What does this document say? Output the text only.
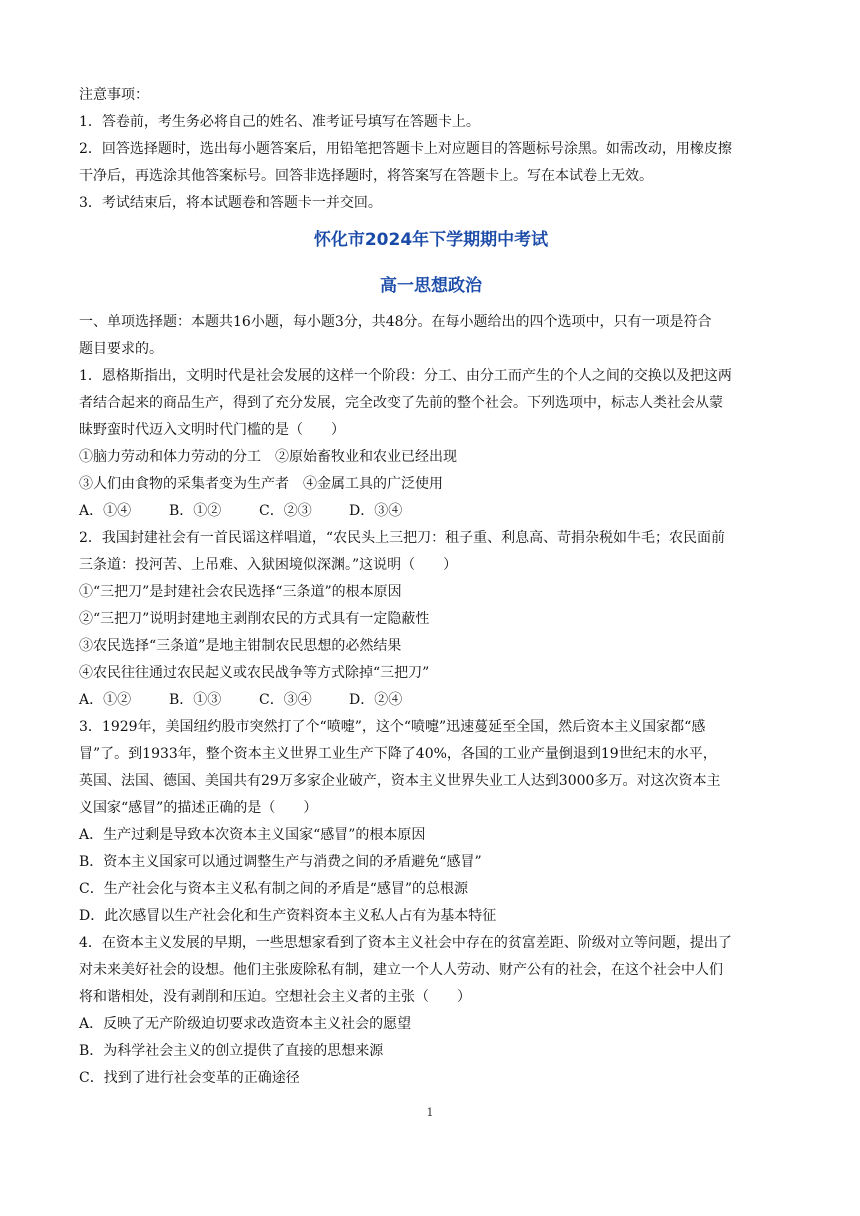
注意事项：
1．答卷前，考生务必将自己的姓名、准考证号填写在答题卡上。
2．回答选择题时，选出每小题答案后，用铅笔把答题卡上对应题目的答题标号涂黑。如需改动，用橡皮擦
干净后，再选涂其他答案标号。回答非选择题时，将答案写在答题卡上。写在本试卷上无效。
3．考试结束后，将本试题卷和答题卡一并交回。
怀化市2024年下学期期中考试
高一思想政治
一、单项选择题：本题共16小题，每小题3分，共48分。在每小题给出的四个选项中，只有一项是符合
题目要求的。
1．恩格斯指出，文明时代是社会发展的这样一个阶段：分工、由分工而产生的个人之间的交换以及把这两
者结合起来的商品生产，得到了充分发展，完全改变了先前的整个社会。下列选项中，标志人类社会从蒙
昧野蛮时代迈入文明时代门槛的是（　　）
①脑力劳动和体力劳动的分工　②原始畜牧业和农业已经出现
③人们由食物的采集者变为生产者　④金属工具的广泛使用
A．①④	B．①②	C．②③	D．③④
2．我国封建社会有一首民谣这样唱道，“农民头上三把刀：租子重、利息高、苛捐杂税如牛毛；农民面前
三条道：投河苦、上吊难、入狱困境似深渊。”这说明（　　）
①“三把刀”是封建社会农民选择“三条道”的根本原因
②“三把刀”说明封建地主剥削农民的方式具有一定隐蔽性
③农民选择“三条道”是地主钳制农民思想的必然结果
④农民往往通过农民起义或农民战争等方式除掉“三把刀”
A．①②	B．①③	C．③④	D．②④
3．1929年，美国纽约股市突然打了个“喷嚏”，这个“喷嚏”迅速蔓延至全国，然后资本主义国家都“感
冒”了。到1933年，整个资本主义世界工业生产下降了40%，各国的工业产量倒退到19世纪末的水平，
英国、法国、德国、美国共有29万多家企业破产，资本主义世界失业工人达到3000多万。对这次资本主
义国家“感冒”的描述正确的是（　　）
A．生产过剩是导致本次资本主义国家“感冒”的根本原因
B．资本主义国家可以通过调整生产与消费之间的矛盾避免“感冒”
C．生产社会化与资本主义私有制之间的矛盾是“感冒”的总根源
D．此次感冒以生产社会化和生产资料资本主义私人占有为基本特征
4．在资本主义发展的早期，一些思想家看到了资本主义社会中存在的贫富差距、阶级对立等问题，提出了
对未来美好社会的设想。他们主张废除私有制，建立一个人人劳动、财产公有的社会，在这个社会中人们
将和谐相处，没有剥削和压迫。空想社会主义者的主张（　　）
A．反映了无产阶级迫切要求改造资本主义社会的愿望
B．为科学社会主义的创立提供了直接的思想来源
C．找到了进行社会变革的正确途径
1
